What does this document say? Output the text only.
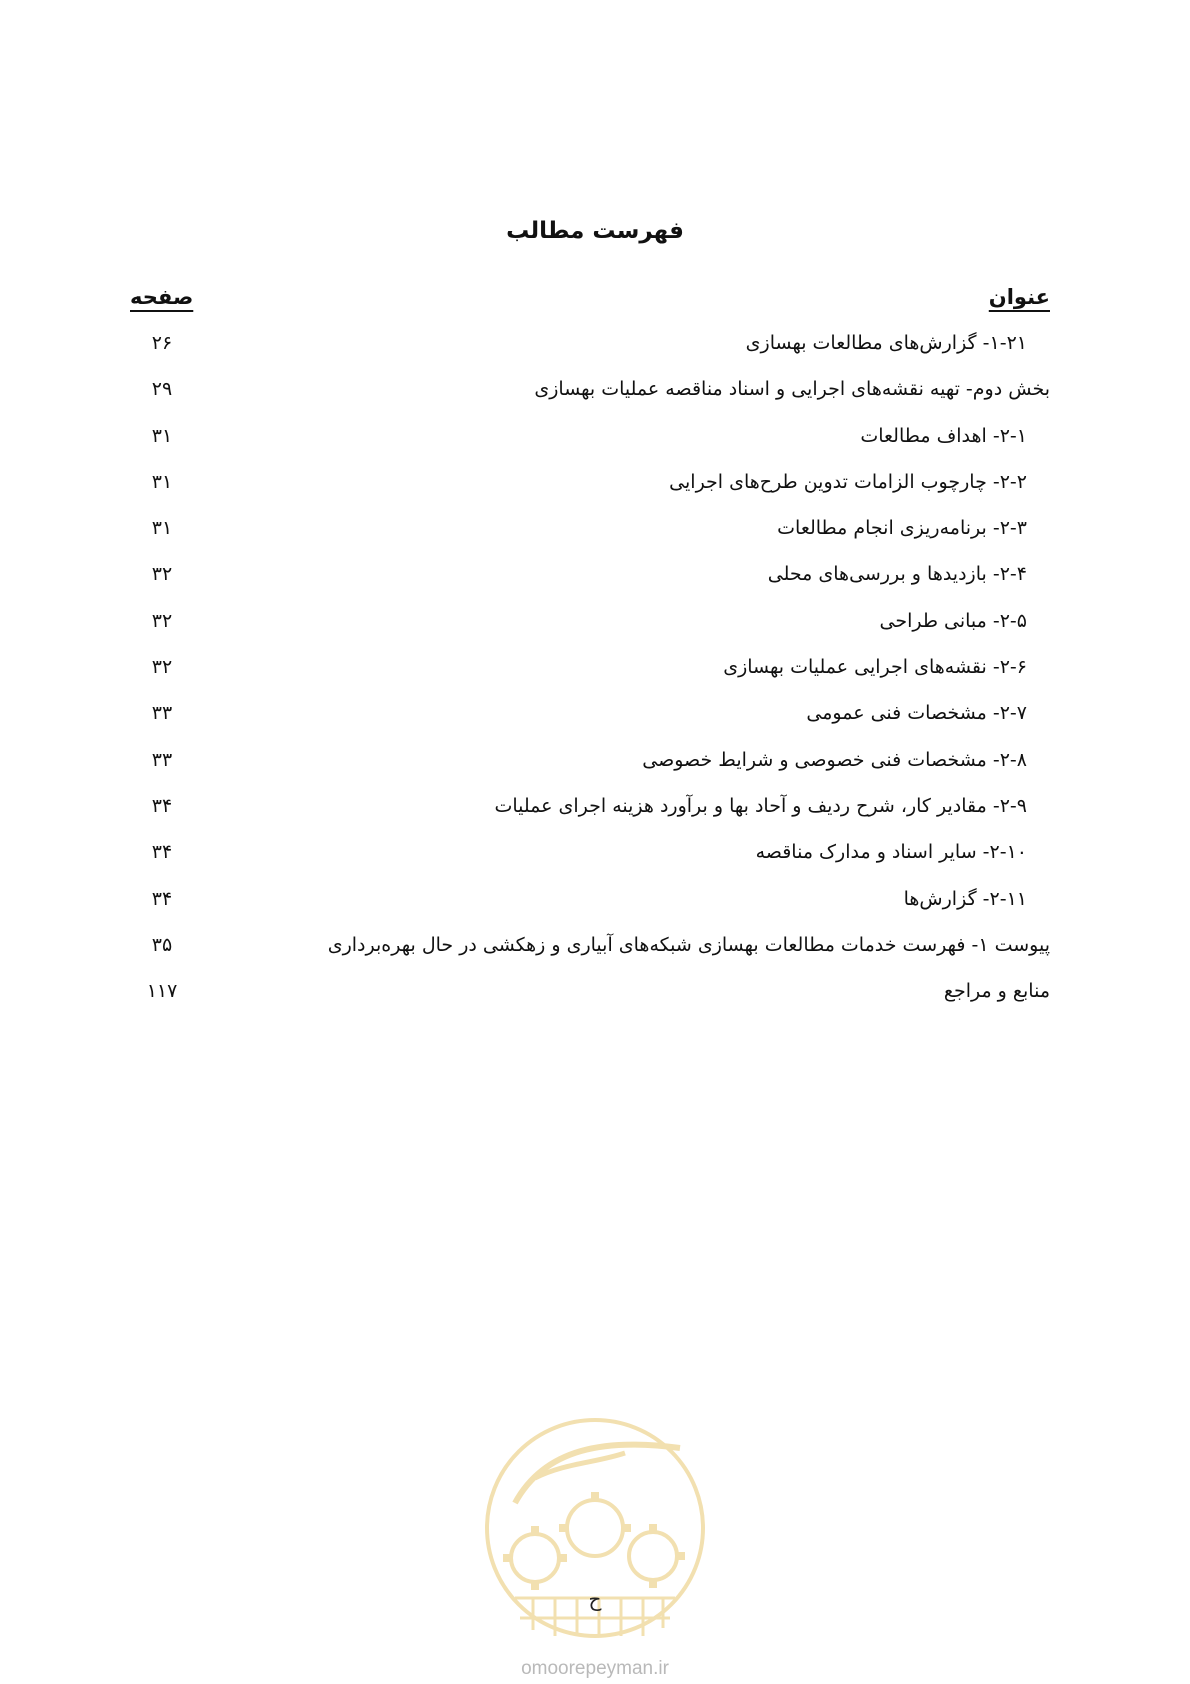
فهرست مطالب
عنوان
صفحه
۱-۲۱- گزارش‌های مطالعات بهسازی
۲۶
بخش دوم- تهیه نقشه‌های اجرایی و اسناد مناقصه عملیات بهسازی
۲۹
۲-۱- اهداف مطالعات
۳۱
۲-۲- چارچوب الزامات تدوین طرح‌های اجرایی
۳۱
۲-۳- برنامه‌ریزی انجام مطالعات
۳۱
۲-۴- بازدیدها و بررسی‌های محلی
۳۲
۲-۵- مبانی طراحی
۳۲
۲-۶- نقشه‌های اجرایی عملیات بهسازی
۳۲
۲-۷- مشخصات فنی عمومی
۳۳
۲-۸- مشخصات فنی خصوصی و شرایط خصوصی
۳۳
۲-۹- مقادیر کار، شرح ردیف و آحاد بها و برآورد هزینه اجرای عملیات
۳۴
۲-۱۰- سایر اسناد و مدارک مناقصه
۳۴
۲-۱۱- گزارش‌ها
۳۴
پیوست ۱- فهرست خدمات مطالعات بهسازی شبکه‌های آبیاری و زهکشی در حال بهره‌برداری
۳۵
منابع و مراجع
۱۱۷
ح
omoorepeyman.ir
